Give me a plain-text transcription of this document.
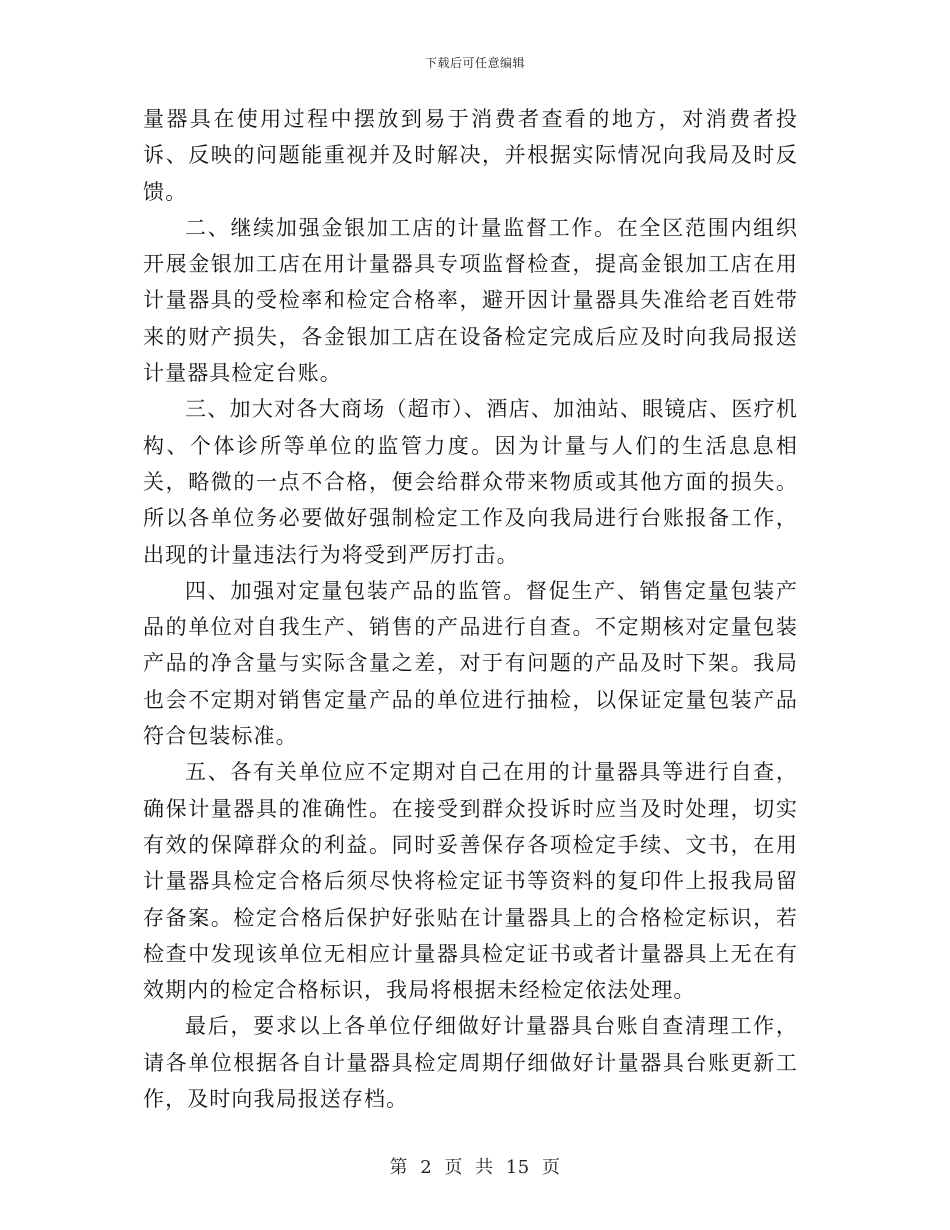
下载后可任意编辑

量器具在使用过程中摆放到易于消费者查看的地方，对消费者投诉、反映的问题能重视并及时解决，并根据实际情况向我局及时反馈。

二、继续加强金银加工店的计量监督工作。在全区范围内组织开展金银加工店在用计量器具专项监督检查，提高金银加工店在用计量器具的受检率和检定合格率，避开因计量器具失准给老百姓带来的财产损失，各金银加工店在设备检定完成后应及时向我局报送计量器具检定台账。

三、加大对各大商场（超市）、酒店、加油站、眼镜店、医疗机构、个体诊所等单位的监管力度。因为计量与人们的生活息息相关，略微的一点不合格，便会给群众带来物质或其他方面的损失。所以各单位务必要做好强制检定工作及向我局进行台账报备工作，出现的计量违法行为将受到严厉打击。

四、加强对定量包装产品的监管。督促生产、销售定量包装产品的单位对自我生产、销售的产品进行自查。不定期核对定量包装产品的净含量与实际含量之差，对于有问题的产品及时下架。我局也会不定期对销售定量产品的单位进行抽检，以保证定量包装产品符合包装标准。

五、各有关单位应不定期对自己在用的计量器具等进行自查，确保计量器具的准确性。在接受到群众投诉时应当及时处理，切实有效的保障群众的利益。同时妥善保存各项检定手续、文书，在用计量器具检定合格后须尽快将检定证书等资料的复印件上报我局留存备案。检定合格后保护好张贴在计量器具上的合格检定标识，若检查中发现该单位无相应计量器具检定证书或者计量器具上无在有效期内的检定合格标识，我局将根据未经检定依法处理。

最后，要求以上各单位仔细做好计量器具台账自查清理工作，请各单位根据各自计量器具检定周期仔细做好计量器具台账更新工作，及时向我局报送存档。

第 2 页 共 15 页
